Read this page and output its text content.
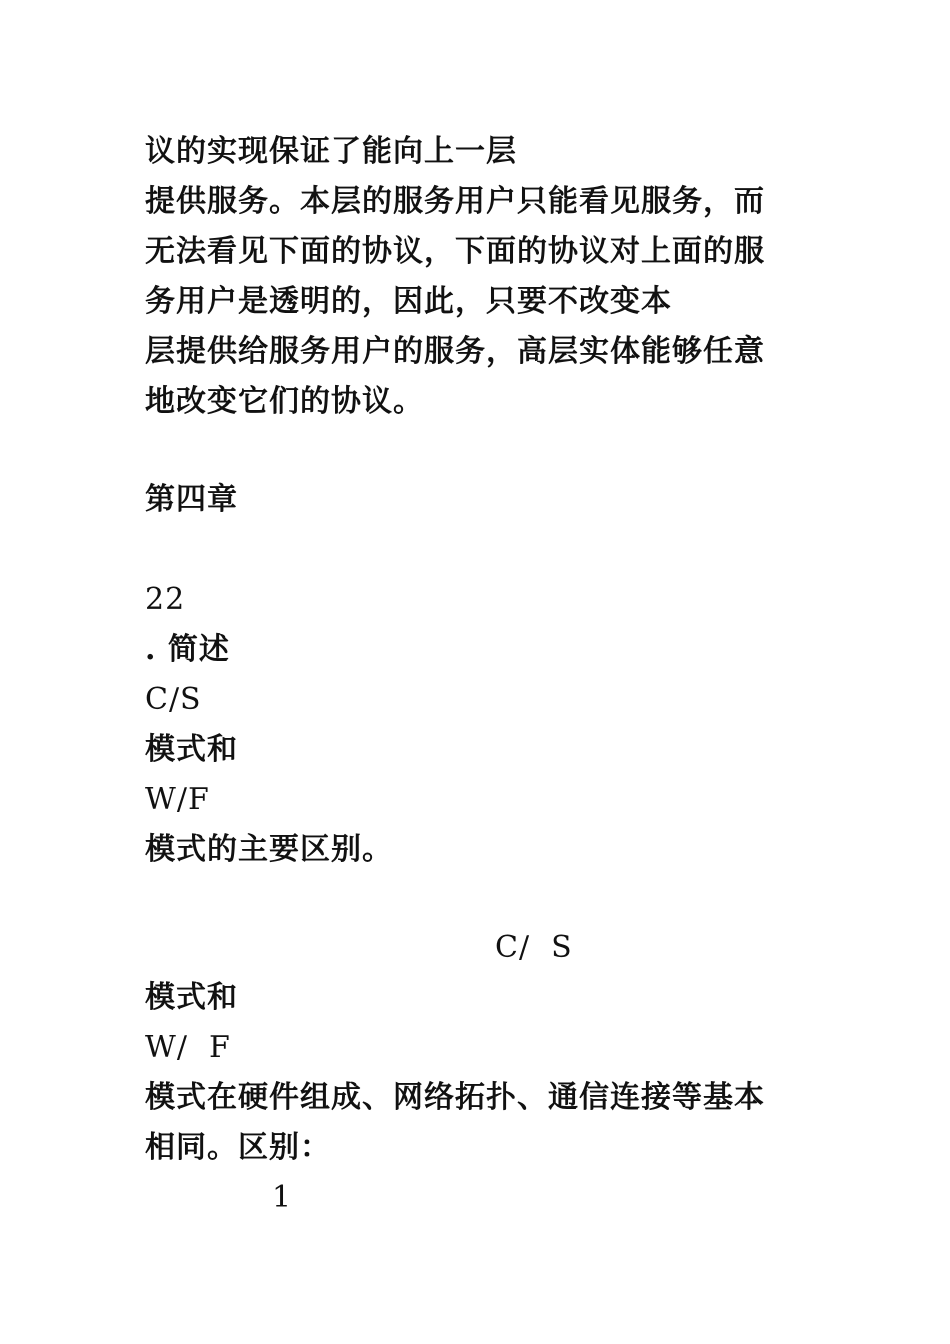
议的实现保证了能向上一层
提供服务。本层的服务用户只能看见服务，而
无法看见下面的协议，下面的协议对上面的服
务用户是透明的，因此，只要不改变本
层提供给服务用户的服务，高层实体能够任意
地改变它们的协议。
第四章
22
. 简述
C/S
模式和
W/F
模式的主要区别。
C/  S
模式和
W/  F
模式在硬件组成、网络拓扑、通信连接等基本
相同。区别：
1
